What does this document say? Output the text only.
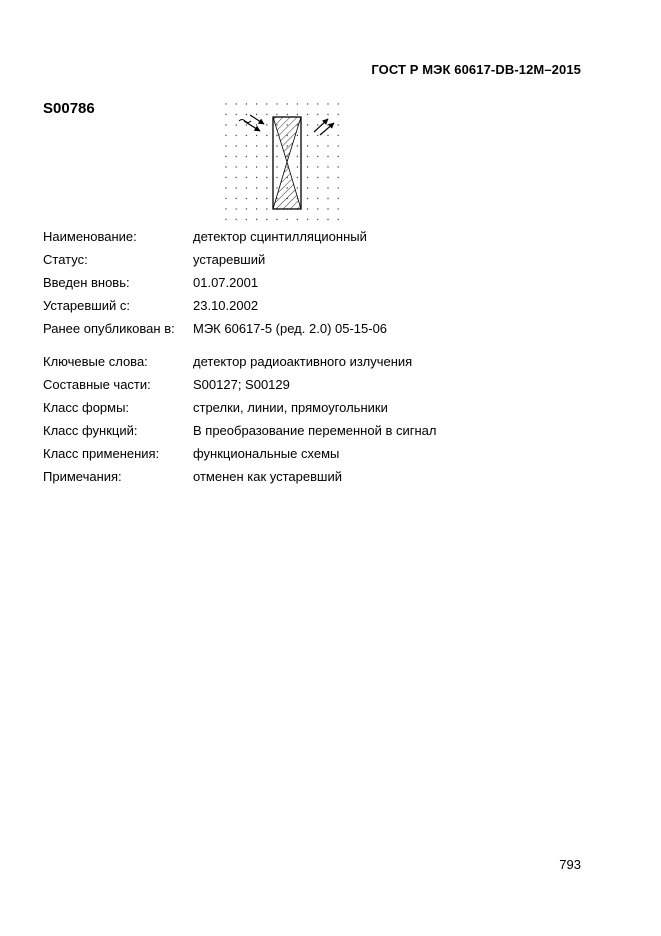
ГОСТ Р МЭК 60617-DB-12M–2015
S00786
Наименование:	детектор сцинтилляционный
Статус:	устаревший
Введен вновь:	01.07.2001
Устаревший с:	23.10.2002
Ранее опубликован в:	МЭК 60617-5 (ред. 2.0) 05-15-06
Ключевые слова:	детектор радиоактивного излучения
Составные части:	S00127; S00129
Класс формы:	стрелки, линии, прямоугольники
Класс функций:	В преобразование переменной в сигнал
Класс применения:	функциональные схемы
Примечания:	отменен как устаревший
793
